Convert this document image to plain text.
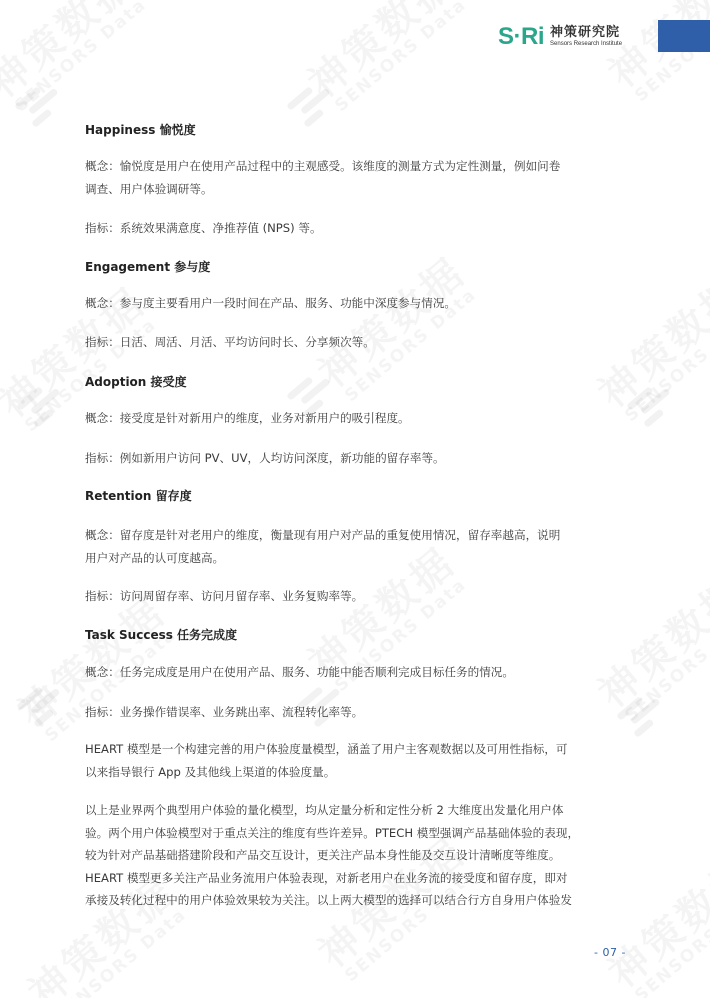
S·Ri 神策研究院
Sensors Research Institute
Happiness 愉悦度
概念：愉悦度是用户在使用产品过程中的主观感受。该维度的测量方式为定性测量，例如问卷
调查、用户体验调研等。
指标：系统效果满意度、净推荐值 (NPS) 等。
Engagement 参与度
概念：参与度主要看用户一段时间在产品、服务、功能中深度参与情况。
指标：日活、周活、月活、平均访问时长、分享频次等。
Adoption 接受度
概念：接受度是针对新用户的维度，业务对新用户的吸引程度。
指标：例如新用户访问 PV、UV，人均访问深度，新功能的留存率等。
Retention 留存度
概念：留存度是针对老用户的维度，衡量现有用户对产品的重复使用情况，留存率越高，说明
用户对产品的认可度越高。
指标：访问周留存率、访问月留存率、业务复购率等。
Task Success 任务完成度
概念：任务完成度是用户在使用产品、服务、功能中能否顺利完成目标任务的情况。
指标：业务操作错误率、业务跳出率、流程转化率等。
HEART 模型是一个构建完善的用户体验度量模型，涵盖了用户主客观数据以及可用性指标，可
以来指导银行 App 及其他线上渠道的体验度量。
以上是业界两个典型用户体验的量化模型，均从定量分析和定性分析 2 大维度出发量化用户体
验。两个用户体验模型对于重点关注的维度有些许差异。PTECH 模型强调产品基础体验的表现，
较为针对产品基础搭建阶段和产品交互设计，更关注产品本身性能及交互设计清晰度等维度。
HEART 模型更多关注产品业务流用户体验表现，对新老用户在业务流的接受度和留存度，即对
承接及转化过程中的用户体验效果较为关注。以上两大模型的选择可以结合行方自身用户体验发
- 07 -
